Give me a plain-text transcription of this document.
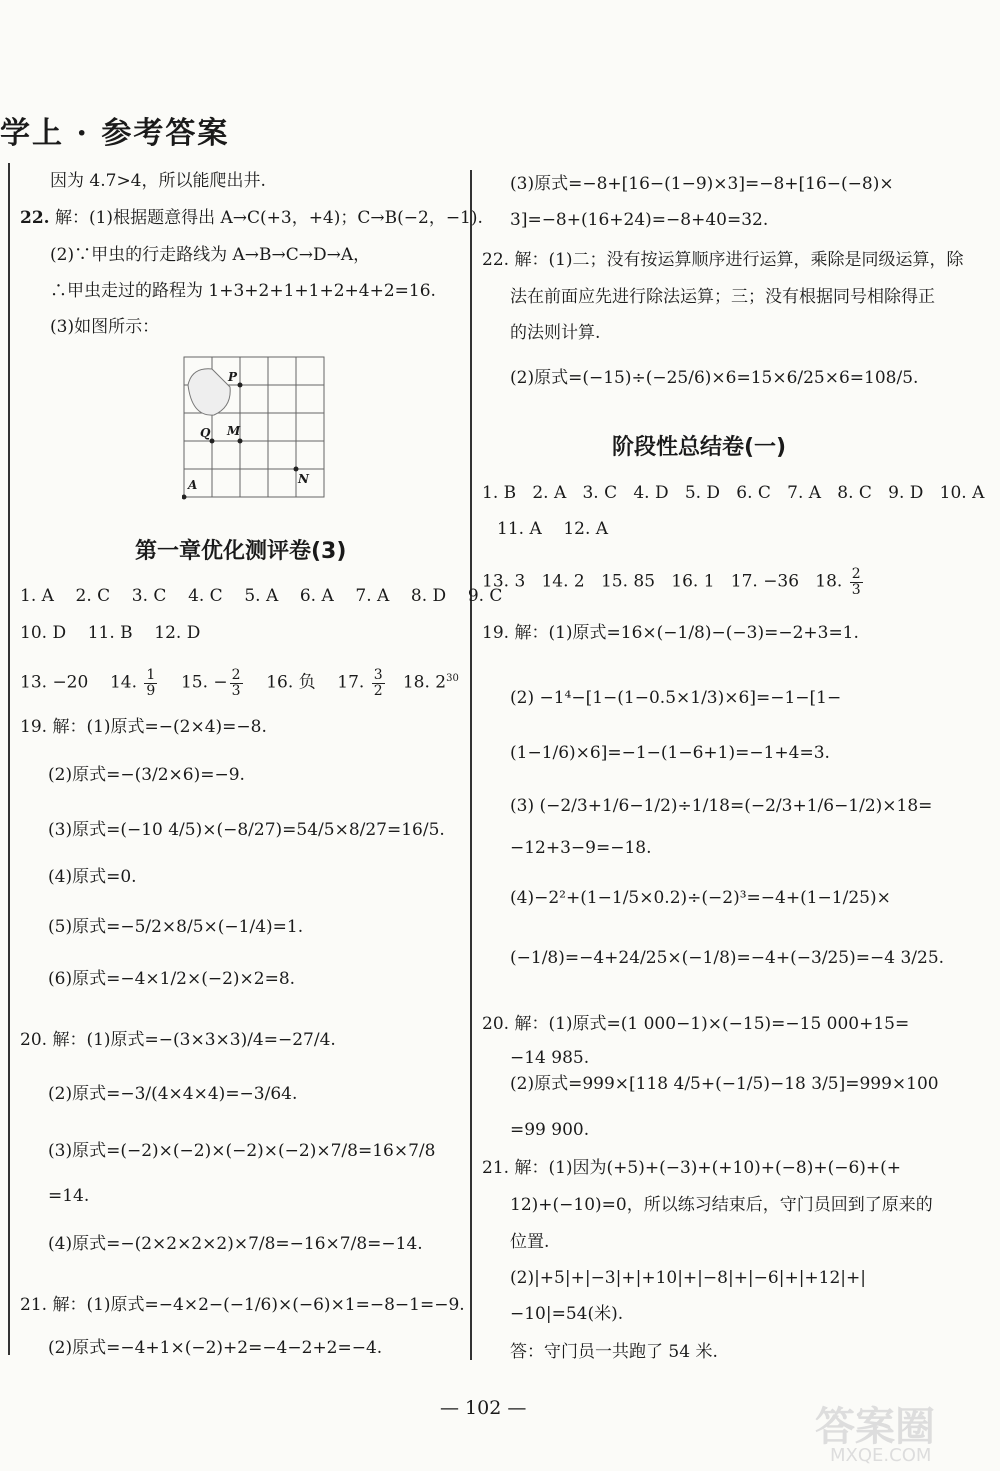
学上 · 参考答案
因为 4.7>4，所以能爬出井.
22. 解：(1)根据题意得出 A→C(+3，+4)；C→B(−2，−1).
(2)∵甲虫的行走路线为 A→B→C→D→A，
∴甲虫走过的路程为 1+3+2+1+1+2+4+2=16.
(3)如图所示：
P
Q M
N
A
第一章优化测评卷(3)
1. A 2. C 3. C 4. C 5. A 6. A 7. A 8. D 9. C
10. D 11. B 12. D
13. −20 14. $\frac{1}{9} 15$. − $\frac{2}{3} 16$. 负 17. $\frac{3}{2} 18$. $2^{30}$
19. 解：(1)原式=−(2×4)=−8.
(2)原式=−(3/2×6)=−9.
(3)原式=(−10 4/5)×(−8/27)=54/5×8/27=16/5.
(4)原式=0.
(5)原式=−5/2×8/5×(−1/4)=1.
(6)原式=−4×1/2×(−2)×2=8.
20. 解：(1)原式=−(3×3×3)/4=−27/4.
(2)原式=−3/(4×4×4)=−3/64.
(3)原式=(−2)×(−2)×(−2)×(−2)×7/8=16×7/8
=14.
(4)原式=−(2×2×2×2)×7/8=−16×7/8=−14.
21. 解：(1)原式=−4×2−(−1/6)×(−6)×1=−8−1=−9.
(2)原式=−4+1×(−2)+2=−4−2+2=−4.
(3)原式=−8+[16−(1−9)×3]=−8+[16−(−8)×
3]=−8+(16+24)=−8+40=32.
22. 解：(1)二；没有按运算顺序进行运算，乘除是同级运算，除
法在前面应先进行除法运算；三；没有根据同号相除得正
的法则计算.
(2)原式=(−15)÷(−25/6)×6=15×6/25×6=108/5.
阶段性总结卷(一)
1. B 2. A 3. C 4. D 5. D 6. C 7. A 8. C 9. D 10. A
11. A 12. A
13. 3 14. 2 15. 85 16. 1 17. −36 18. $\frac{2}{3}$
19. 解：(1)原式=16×(−1/8)−(−3)=−2+3=1.
(2) −1⁴−[1−(1−0.5×1/3)×6]=−1−[1−
(1−1/6)×6]=−1−(1−6+1)=−1+4=3.
(3) (−2/3+1/6−1/2)÷1/18=(−2/3+1/6−1/2)×18=
−12+3−9=−18.
(4)−2²+(1−1/5×0.2)÷(−2)³=−4+(1−1/25)×
(−1/8)=−4+24/25×(−1/8)=−4+(−3/25)=−4 3/25.
20. 解：(1)原式=(1 000−1)×(−15)=−15 000+15=
−14 985.
(2)原式=999×[118 4/5+(−1/5)−18 3/5]=999×100
=99 900.
21. 解：(1)因为(+5)+(−3)+(+10)+(−8)+(−6)+(+
12)+(−10)=0，所以练习结束后，守门员回到了原来的
位置.
(2)|+5|+|−3|+|+10|+|−8|+|−6|+|+12|+|
−10|=54(米).
答：守门员一共跑了 54 米.
— 102 —	答案圈
MXQE.COM
